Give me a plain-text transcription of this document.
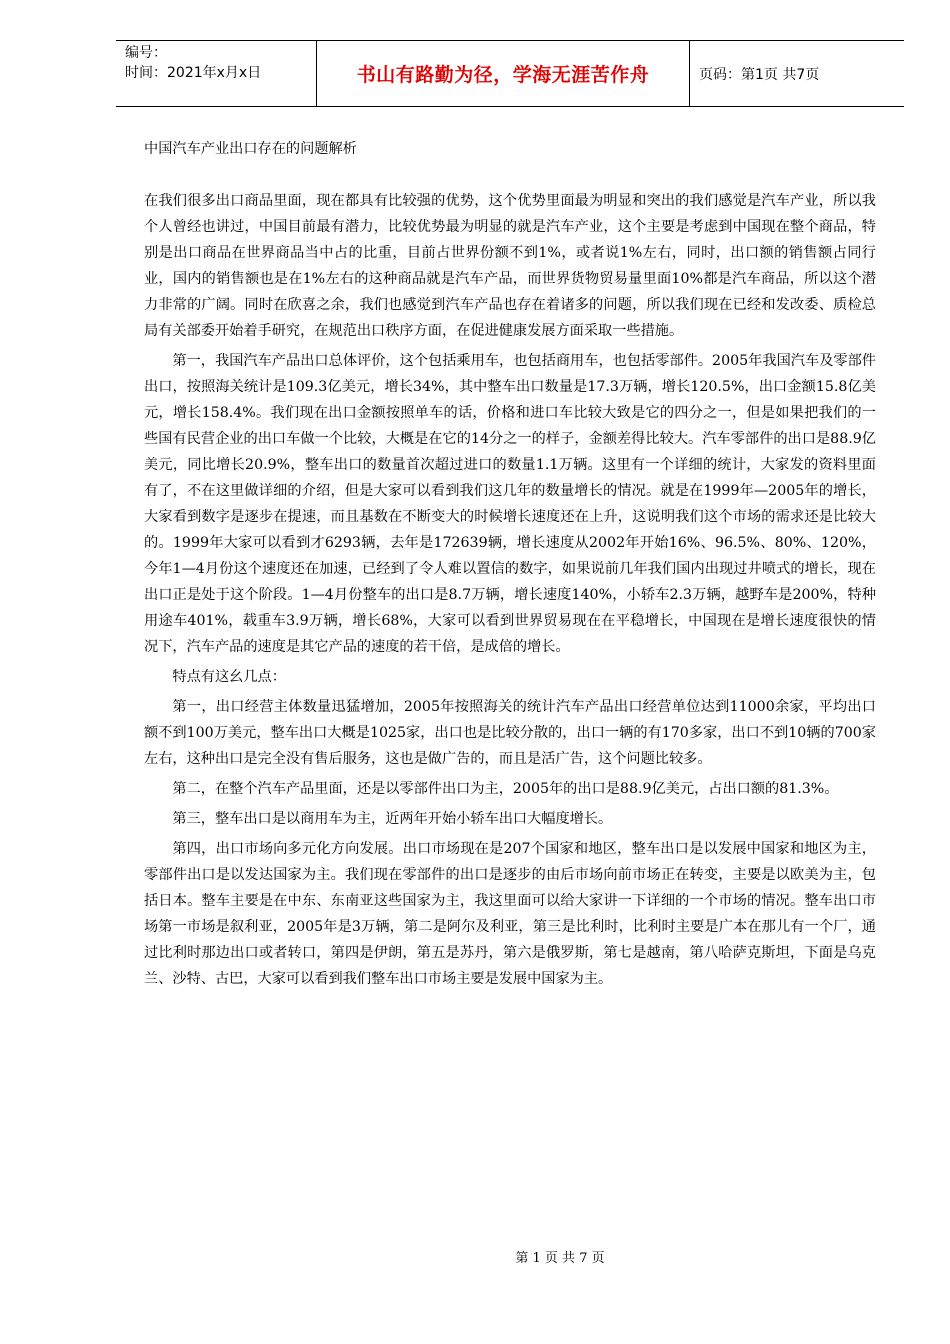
编号：
时间：2021年x月x日	书山有路勤为径，学海无涯苦作舟	页码：第1页 共7页
中国汽车产业出口存在的问题解析

在我们很多出口商品里面，现在都具有比较强的优势，这个优势里面最为明显和突出的我们感觉是汽车产业，所以我个人曾经也讲过，中国目前最有潜力，比较优势最为明显的就是汽车产业，这个主要是考虑到中国现在整个商品，特别是出口商品在世界商品当中占的比重，目前占世界份额不到1%，或者说1%左右，同时，出口额的销售额占同行业，国内的销售额也是在1%左右的这种商品就是汽车产品，而世界货物贸易量里面10%都是汽车商品，所以这个潜力非常的广阔。同时在欣喜之余，我们也感觉到汽车产品也存在着诸多的问题，所以我们现在已经和发改委、质检总局有关部委开始着手研究，在规范出口秩序方面，在促进健康发展方面采取一些措施。

第一，我国汽车产品出口总体评价，这个包括乘用车，也包括商用车，也包括零部件。2005年我国汽车及零部件出口，按照海关统计是109.3亿美元，增长34%，其中整车出口数量是17.3万辆，增长120.5%，出口金额15.8亿美元，增长158.4%。我们现在出口金额按照单车的话，价格和进口车比较大致是它的四分之一，但是如果把我们的一些国有民营企业的出口车做一个比较，大概是在它的14分之一的样子，金额差得比较大。汽车零部件的出口是88.9亿美元，同比增长20.9%，整车出口的数量首次超过进口的数量1.1万辆。这里有一个详细的统计，大家发的资料里面有了，不在这里做详细的介绍，但是大家可以看到我们这几年的数量增长的情况。就是在1999年—2005年的增长，大家看到数字是逐步在提速，而且基数在不断变大的时候增长速度还在上升，这说明我们这个市场的需求还是比较大的。1999年大家可以看到才6293辆，去年是172639辆，增长速度从2002年开始16%、96.5%、80%、120%，今年1—4月份这个速度还在加速，已经到了令人难以置信的数字，如果说前几年我们国内出现过井喷式的增长，现在出口正是处于这个阶段。1—4月份整车的出口是8.7万辆，增长速度140%，小轿车2.3万辆，越野车是200%，特种用途车401%，载重车3.9万辆，增长68%，大家可以看到世界贸易现在在平稳增长，中国现在是增长速度很快的情况下，汽车产品的速度是其它产品的速度的若干倍，是成倍的增长。

特点有这幺几点：

第一，出口经营主体数量迅猛增加，2005年按照海关的统计汽车产品出口经营单位达到11000余家，平均出口额不到100万美元，整车出口大概是1025家，出口也是比较分散的，出口一辆的有170多家，出口不到10辆的700家左右，这种出口是完全没有售后服务，这也是做广告的，而且是活广告，这个问题比较多。

第二，在整个汽车产品里面，还是以零部件出口为主，2005年的出口是88.9亿美元，占出口额的81.3%。

第三，整车出口是以商用车为主，近两年开始小轿车出口大幅度增长。

第四，出口市场向多元化方向发展。出口市场现在是207个国家和地区，整车出口是以发展中国家和地区为主，零部件出口是以发达国家为主。我们现在零部件的出口是逐步的由后市场向前市场正在转变，主要是以欧美为主，包括日本。整车主要是在中东、东南亚这些国家为主，我这里面可以给大家讲一下详细的一个市场的情况。整车出口市场第一市场是叙利亚，2005年是3万辆，第二是阿尔及利亚，第三是比利时，比利时主要是广本在那儿有一个厂，通过比利时那边出口或者转口，第四是伊朗，第五是苏丹，第六是俄罗斯，第七是越南，第八哈萨克斯坦，下面是乌克兰、沙特、古巴，大家可以看到我们整车出口市场主要是发展中国家为主。

第 1 页 共 7 页
